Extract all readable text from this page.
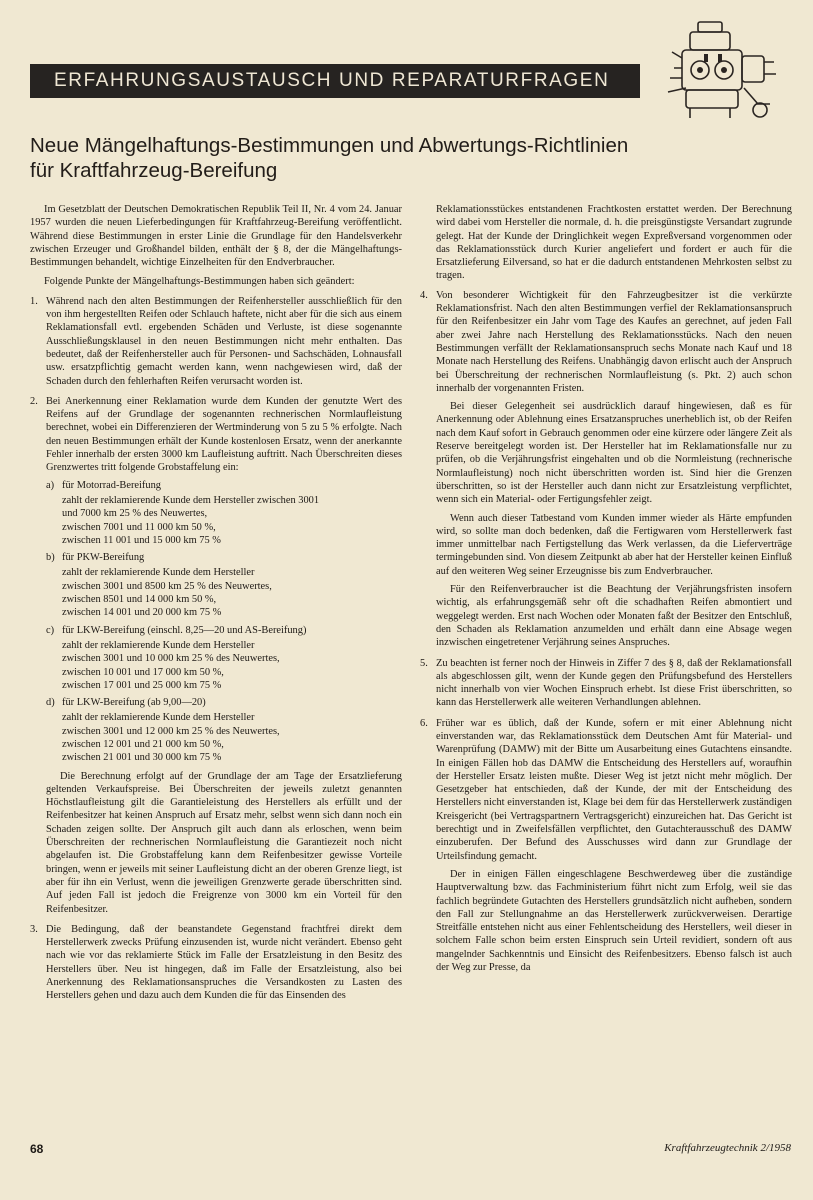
ERFAHRUNGSAUSTAUSCH UND REPARATURFRAGEN
Neue Mängelhaftungs-Bestimmungen und Abwertungs-Richtlinien
für Kraftfahrzeug-Bereifung

Im Gesetzblatt der Deutschen Demokratischen Republik Teil II, Nr. 4 vom 24. Januar 1957 wurden die neuen Lieferbedingungen für Kraftfahrzeug-Bereifung veröffentlicht. Während diese Bestimmungen in erster Linie die Grundlage für den Handelsverkehr zwischen Erzeuger und Großhandel bilden, enthält der § 8, der die Mängelhaftungs-Bestimmungen behandelt, wichtige Einzelheiten für den Endverbraucher.

Folgende Punkte der Mängelhaftungs-Bestimmungen haben sich geändert:

1. Während nach den alten Bestimmungen der Reifenhersteller ausschließlich für den von ihm hergestellten Reifen oder Schlauch haftete, nicht aber für die sich aus einem Reklamationsfall evtl. ergebenden Schäden und Verluste, ist diese sogenannte Ausschließungsklausel in den neuen Bestimmungen nicht mehr enthalten. Das bedeutet, daß der Reifenhersteller auch für Personen- und Sachschäden, Lohnausfall usw. ersatzpflichtig gemacht werden kann, wenn nachgewiesen wird, daß der Schaden durch den fehlerhaften Reifen verursacht worden ist.
2. Bei Anerkennung einer Reklamation wurde dem Kunden der genutzte Wert des Reifens auf der Grundlage der sogenannten rechnerischen Normlaufleistung berechnet, wobei ein Differenzieren der Wertminderung von 5 zu 5 % erfolgte. Nach den neuen Bestimmungen erhält der Kunde kostenlosen Ersatz, wenn der anerkannte Fehler innerhalb der ersten 3000 km Laufleistung auftritt. Nach Überschreiten dieses Grenzwertes tritt folgende Grobstaffelung ein:
a) für Motorrad-Bereifung
zahlt der reklamierende Kunde dem Hersteller zwischen 3001
und 7000 km 25 % des Neuwertes,
zwischen 7001 und 11 000 km 50 %,
zwischen 11 001 und 15 000 km 75 %
b) für PKW-Bereifung
zahlt der reklamierende Kunde dem Hersteller
zwischen 3001 und 8500 km 25 % des Neuwertes,
zwischen 8501 und 14 000 km 50 %,
zwischen 14 001 und 20 000 km 75 %
c) für LKW-Bereifung (einschl. 8,25—20 und AS-Bereifung)
zahlt der reklamierende Kunde dem Hersteller
zwischen 3001 und 10 000 km 25 % des Neuwertes,
zwischen 10 001 und 17 000 km 50 %,
zwischen 17 001 und 25 000 km 75 %
d) für LKW-Bereifung (ab 9,00—20)
zahlt der reklamierende Kunde dem Hersteller
zwischen 3001 und 12 000 km 25 % des Neuwertes,
zwischen 12 001 und 21 000 km 50 %,
zwischen 21 001 und 30 000 km 75 %

Die Berechnung erfolgt auf der Grundlage der am Tage der Ersatzlieferung geltenden Verkaufspreise. Bei Überschreiten der jeweils zuletzt genannten Höchstlaufleistung gilt die Garantieleistung des Herstellers als erfüllt und der Reifenbesitzer hat keinen Anspruch auf Ersatz mehr, selbst wenn sich dann noch ein Schaden zeigen sollte. Der Anspruch gilt auch dann als erloschen, wenn beim Überschreiten der rechnerischen Normlaufleistung die Garantiezeit noch nicht abgelaufen ist. Die Grobstaffelung kann dem Reifenbesitzer gewisse Vorteile bringen, wenn er jeweils mit seiner Laufleistung dicht an der oberen Grenze liegt, ist aber für ihn ein Verlust, wenn die jeweiligen Grenzwerte gerade überschritten sind. Auf jeden Fall ist jedoch die Freigrenze von 3000 km ein Vorteil für den Reifenbesitzer.

3. Die Bedingung, daß der beanstandete Gegenstand frachtfrei direkt dem Herstellerwerk zwecks Prüfung einzusenden ist, wurde nicht verändert. Ebenso geht nach wie vor das reklamierte Stück im Falle der Ersatzleistung in den Besitz des Herstellers über. Neu ist hingegen, daß im Falle der Ersatzleistung, also bei Anerkennung des Reklamationsanspruches die Versandkosten zu Lasten des Herstellers gehen und dazu auch dem Kunden die für das Einsenden des

Reklamationsstückes entstandenen Frachtkosten erstattet werden. Der Berechnung wird dabei vom Hersteller die normale, d. h. die preisgünstigste Versandart zugrunde gelegt. Hat der Kunde der Dringlichkeit wegen Expreßversand vorgenommen oder das Reklamationsstück durch Kurier angeliefert und fordert er auch für die Ersatzlieferung Eilversand, so hat er die dadurch entstandenen Mehrkosten selbst zu tragen.

4. Von besonderer Wichtigkeit für den Fahrzeugbesitzer ist die verkürzte Reklamationsfrist. Nach den alten Bestimmungen verfiel der Reklamationsanspruch für den Reifenbesitzer ein Jahr vom Tage des Kaufes an gerechnet, auf jeden Fall aber zwei Jahre nach Herstellung des Reklamationsstücks. Nach den neuen Bestimmungen verfällt der Reklamationsanspruch sechs Monate nach Kauf und 18 Monate nach Herstellung des Reifens. Unabhängig davon erlischt auch der Anspruch bei Überschreitung der rechnerischen Normlaufleistung (s. Pkt. 2) auch schon innerhalb der vorgenannten Fristen.

Bei dieser Gelegenheit sei ausdrücklich darauf hingewiesen, daß es für Anerkennung oder Ablehnung eines Ersatzanspruches unerheblich ist, ob der Reifen nach dem Kauf sofort in Gebrauch genommen oder eine kürzere oder längere Zeit als Reserve bereitgelegt worden ist. Der Hersteller hat im Reklamationsfalle nur zu prüfen, ob die Verjährungsfrist eingehalten und ob die Normleistung (rechnerische Normlaufleistung) noch nicht überschritten worden ist. Sind hier die Grenzen überschritten, so ist der Hersteller auch dann nicht zur Ersatzleistung verpflichtet, wenn sich ein Material- oder Fertigungsfehler zeigt.

Wenn auch dieser Tatbestand vom Kunden immer wieder als Härte empfunden wird, so sollte man doch bedenken, daß die Fertigwaren vom Herstellerwerk fast immer unmittelbar nach Fertigstellung das Werk verlassen, da die Lieferverträge termingebunden sind. Von diesem Zeitpunkt ab aber hat der Hersteller keinen Einfluß auf den weiteren Weg seiner Erzeugnisse bis zum Endverbraucher.

Für den Reifenverbraucher ist die Beachtung der Verjährungsfristen insofern wichtig, als erfahrungsgemäß sehr oft die schadhaften Reifen abmontiert und weggelegt werden. Erst nach Wochen oder Monaten faßt der Besitzer den Entschluß, den Schaden als Reklamation anzumelden und erhält dann eine Absage wegen inzwischen eingetretener Verjährung seines Anspruches.

5. Zu beachten ist ferner noch der Hinweis in Ziffer 7 des § 8, daß der Reklamationsfall als abgeschlossen gilt, wenn der Kunde gegen den Prüfungsbefund des Herstellers nicht innerhalb von vier Wochen Einspruch erhebt. Ist diese Frist überschritten, so kann das Herstellerwerk alle weiteren Verhandlungen ablehnen.
6. Früher war es üblich, daß der Kunde, sofern er mit einer Ablehnung nicht einverstanden war, das Reklamationsstück dem Deutschen Amt für Material- und Warenprüfung (DAMW) mit der Bitte um Ausarbeitung eines Gutachtens einsandte. In einigen Fällen hob das DAMW die Entscheidung des Herstellers auf, woraufhin der Hersteller Ersatz leisten mußte. Dieser Weg ist jetzt nicht mehr möglich. Der Gesetzgeber hat entschieden, daß der Kunde, der mit der Entscheidung des Herstellers nicht einverstanden ist, Klage bei dem für das Herstellerwerk zuständigen Kreisgericht (bei Vertragspartnern Vertragsgericht) einzureichen hat. Das Gericht ist berechtigt und in Zweifelsfällen verpflichtet, den Gutachterausschuß des DAMW einzuberufen. Der Befund des Ausschusses wird dann zur Grundlage der Urteilsfindung gemacht.

Der in einigen Fällen eingeschlagene Beschwerdeweg über die zuständige Hauptverwaltung bzw. das Fachministerium führt nicht zum Erfolg, weil sie das fachlich begründete Gutachten des Herstellers grundsätzlich nicht aufheben, sondern den Fall zur Stellungnahme an das Herstellerwerk zurückverweisen. Derartige Streitfälle entstehen nicht aus einer Fehlentscheidung des Herstellers, weil dieser in solchem Falle schon beim ersten Einspruch sein Urteil revidiert, sondern oft aus mangelnder Sachkenntnis und Einsicht des Reifenbesitzers. Ebenso falsch ist auch der Weg zur Presse, da

68	Kraftfahrzeugtechnik 2/1958
